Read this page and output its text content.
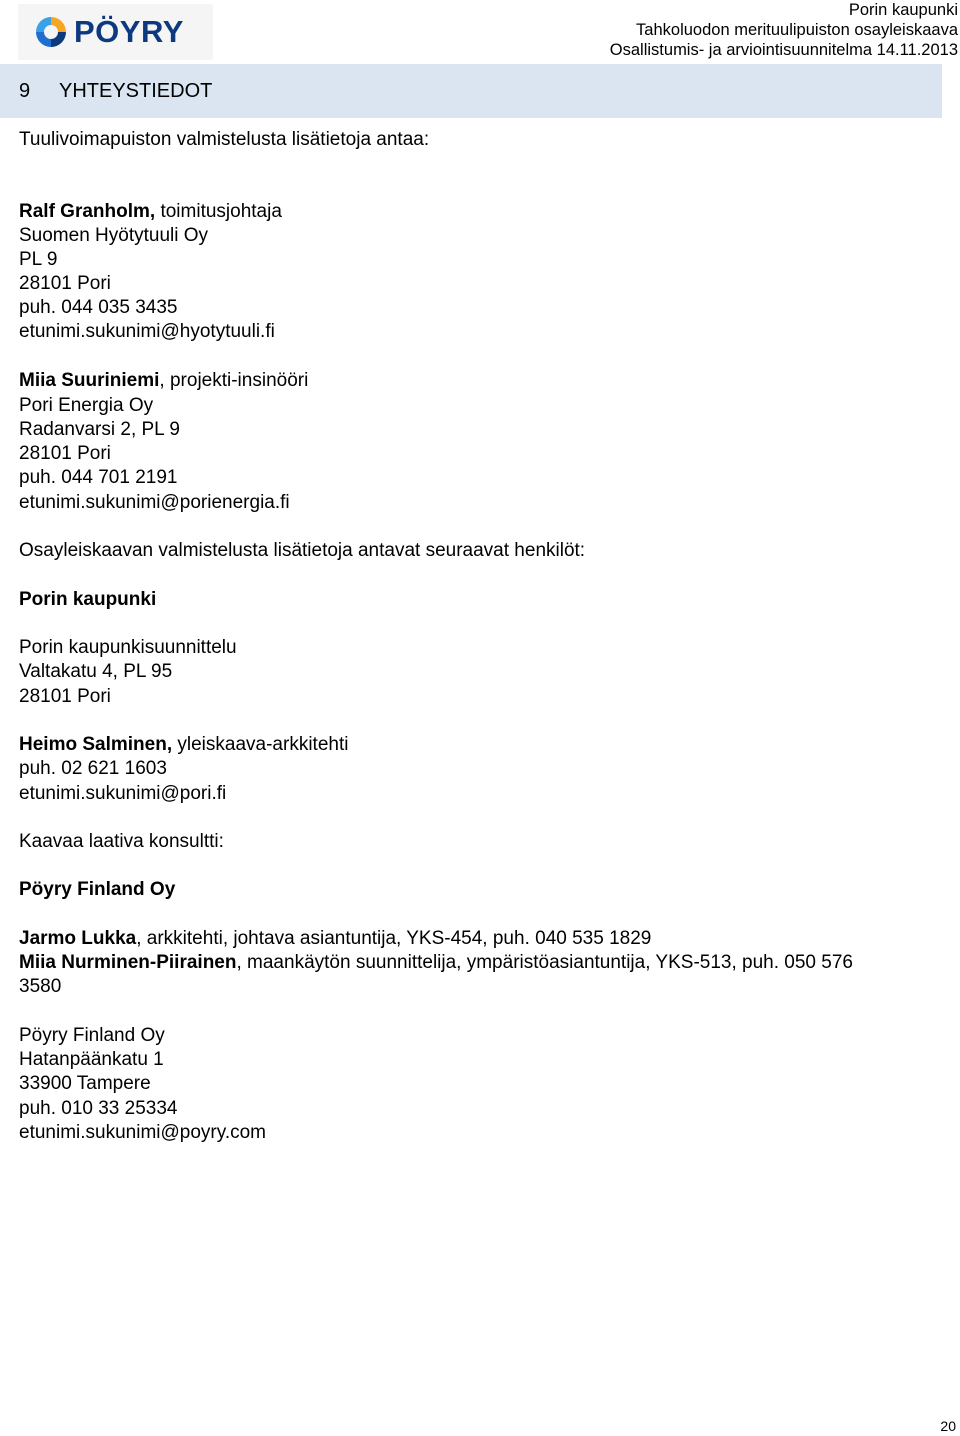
PÖYRY
Porin kaupunki
Tahkoluodon merituulipuiston osayleiskaava
Osallistumis- ja arviointisuunnitelma 14.11.2013
9 YHTEYSTIEDOT
Tuulivoimapuiston valmistelusta lisätietoja antaa:
Ralf Granholm, toimitusjohtaja
Suomen Hyötytuuli Oy
PL 9
28101 Pori
puh. 044 035 3435
etunimi.sukunimi@hyotytuuli.fi
Miia Suuriniemi, projekti-insinööri
Pori Energia Oy
Radanvarsi 2, PL 9
28101 Pori
puh. 044 701 2191
etunimi.sukunimi@porienergia.fi
Osayleiskaavan valmistelusta lisätietoja antavat seuraavat henkilöt:
Porin kaupunki
Porin kaupunkisuunnittelu
Valtakatu 4, PL 95
28101 Pori
Heimo Salminen, yleiskaava-arkkitehti
puh. 02 621 1603
etunimi.sukunimi@pori.fi
Kaavaa laativa konsultti:
Pöyry Finland Oy
Jarmo Lukka, arkkitehti, johtava asiantuntija, YKS-454, puh. 040 535 1829
Miia Nurminen-Piirainen, maankäytön suunnittelija, ympäristöasiantuntija, YKS-513, puh. 050 576
3580
Pöyry Finland Oy
Hatanpäänkatu 1
33900 Tampere
puh. 010 33 25334
etunimi.sukunimi@poyry.com
20
